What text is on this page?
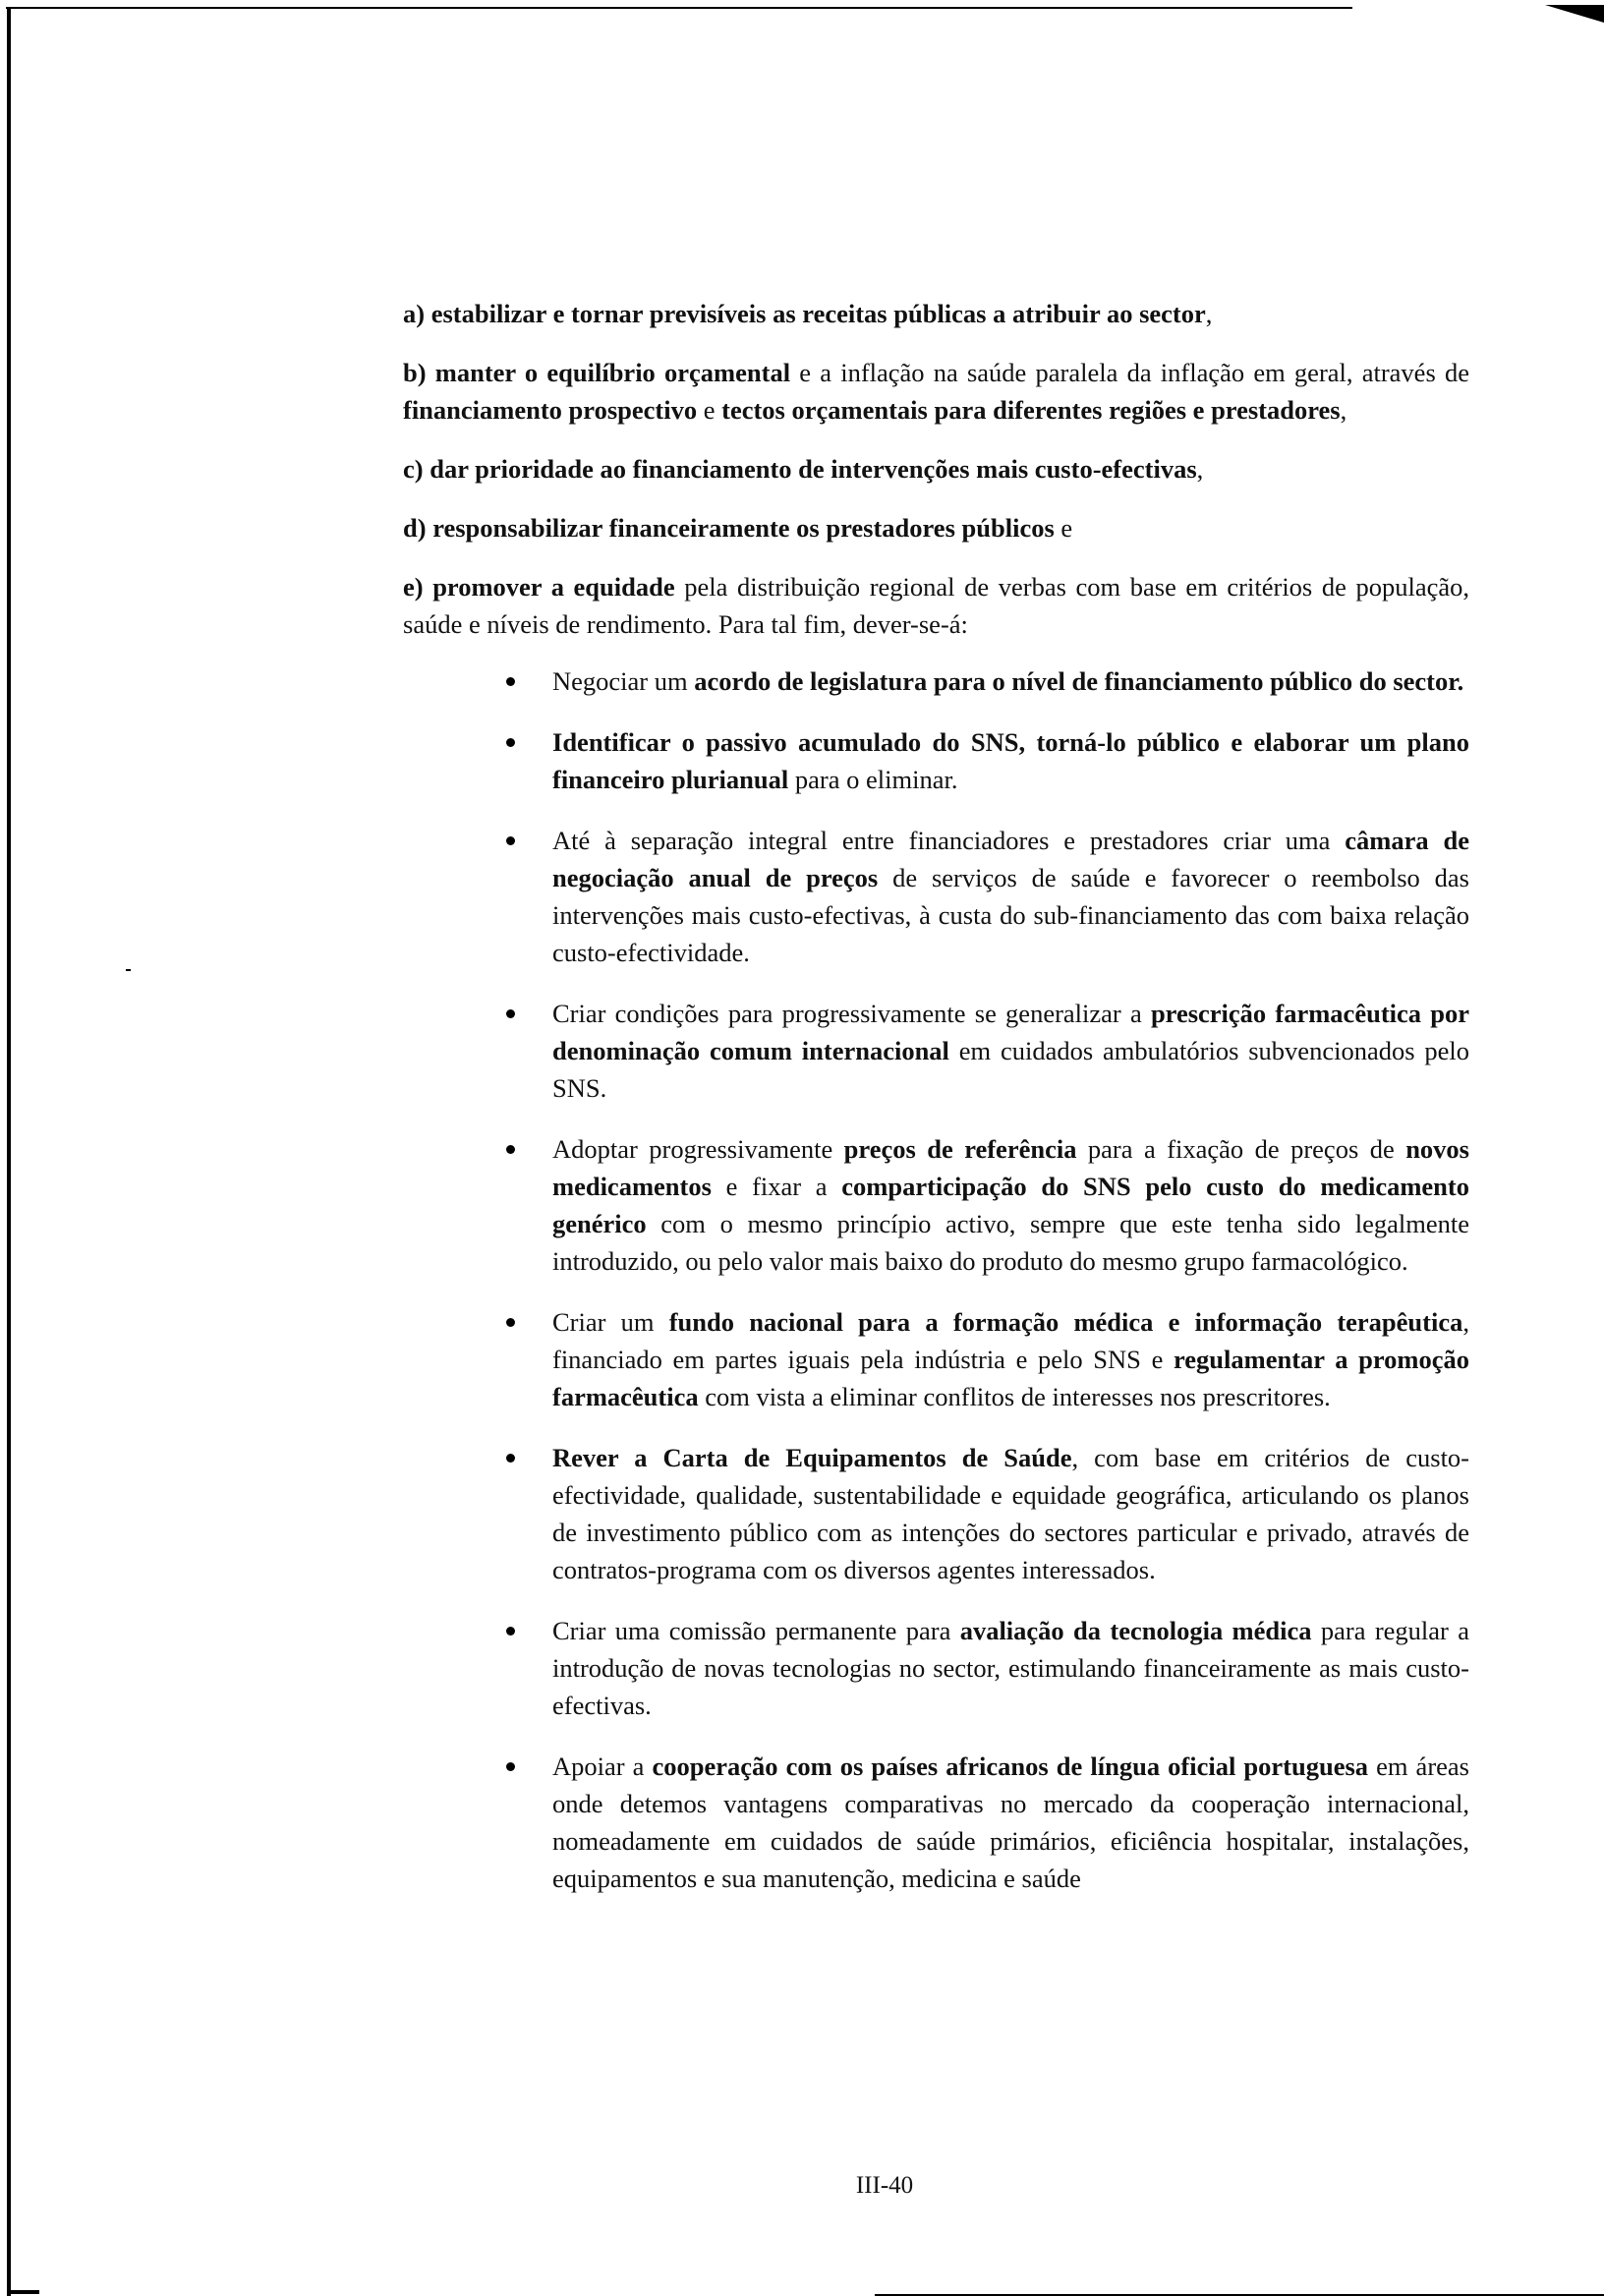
a) estabilizar e tornar previsíveis as receitas públicas a atribuir ao sector,

b) manter o equilíbrio orçamental e a inflação na saúde paralela da inflação em geral, através de financiamento prospectivo e tectos orçamentais para diferentes regiões e prestadores,

c) dar prioridade ao financiamento de intervenções mais custo-efectivas,

d) responsabilizar financeiramente os prestadores públicos e

e) promover a equidade pela distribuição regional de verbas com base em critérios de população, saúde e níveis de rendimento. Para tal fim, dever-se-á:

Negociar um acordo de legislatura para o nível de financiamento público do sector.
Identificar o passivo acumulado do SNS, torná-lo público e elaborar um plano financeiro plurianual para o eliminar.
Até à separação integral entre financiadores e prestadores criar uma câmara de negociação anual de preços de serviços de saúde e favorecer o reembolso das intervenções mais custo-efectivas, à custa do sub-financiamento das com baixa relação custo-efectividade.
Criar condições para progressivamente se generalizar a prescrição farmacêutica por denominação comum internacional em cuidados ambulatórios subvencionados pelo SNS.
Adoptar progressivamente preços de referência para a fixação de preços de novos medicamentos e fixar a comparticipação do SNS pelo custo do medicamento genérico com o mesmo princípio activo, sempre que este tenha sido legalmente introduzido, ou pelo valor mais baixo do produto do mesmo grupo farmacológico.
Criar um fundo nacional para a formação médica e informação terapêutica, financiado em partes iguais pela indústria e pelo SNS e regulamentar a promoção farmacêutica com vista a eliminar conflitos de interesses nos prescritores.
Rever a Carta de Equipamentos de Saúde, com base em critérios de custo-efectividade, qualidade, sustentabilidade e equidade geográfica, articulando os planos de investimento público com as intenções do sectores particular e privado, através de contratos-programa com os diversos agentes interessados.
Criar uma comissão permanente para avaliação da tecnologia médica para regular a introdução de novas tecnologias no sector, estimulando financeiramente as mais custo-efectivas.
Apoiar a cooperação com os países africanos de língua oficial portuguesa em áreas onde detemos vantagens comparativas no mercado da cooperação internacional, nomeadamente em cuidados de saúde primários, eficiência hospitalar, instalações, equipamentos e sua manutenção, medicina e saúde
III-40
